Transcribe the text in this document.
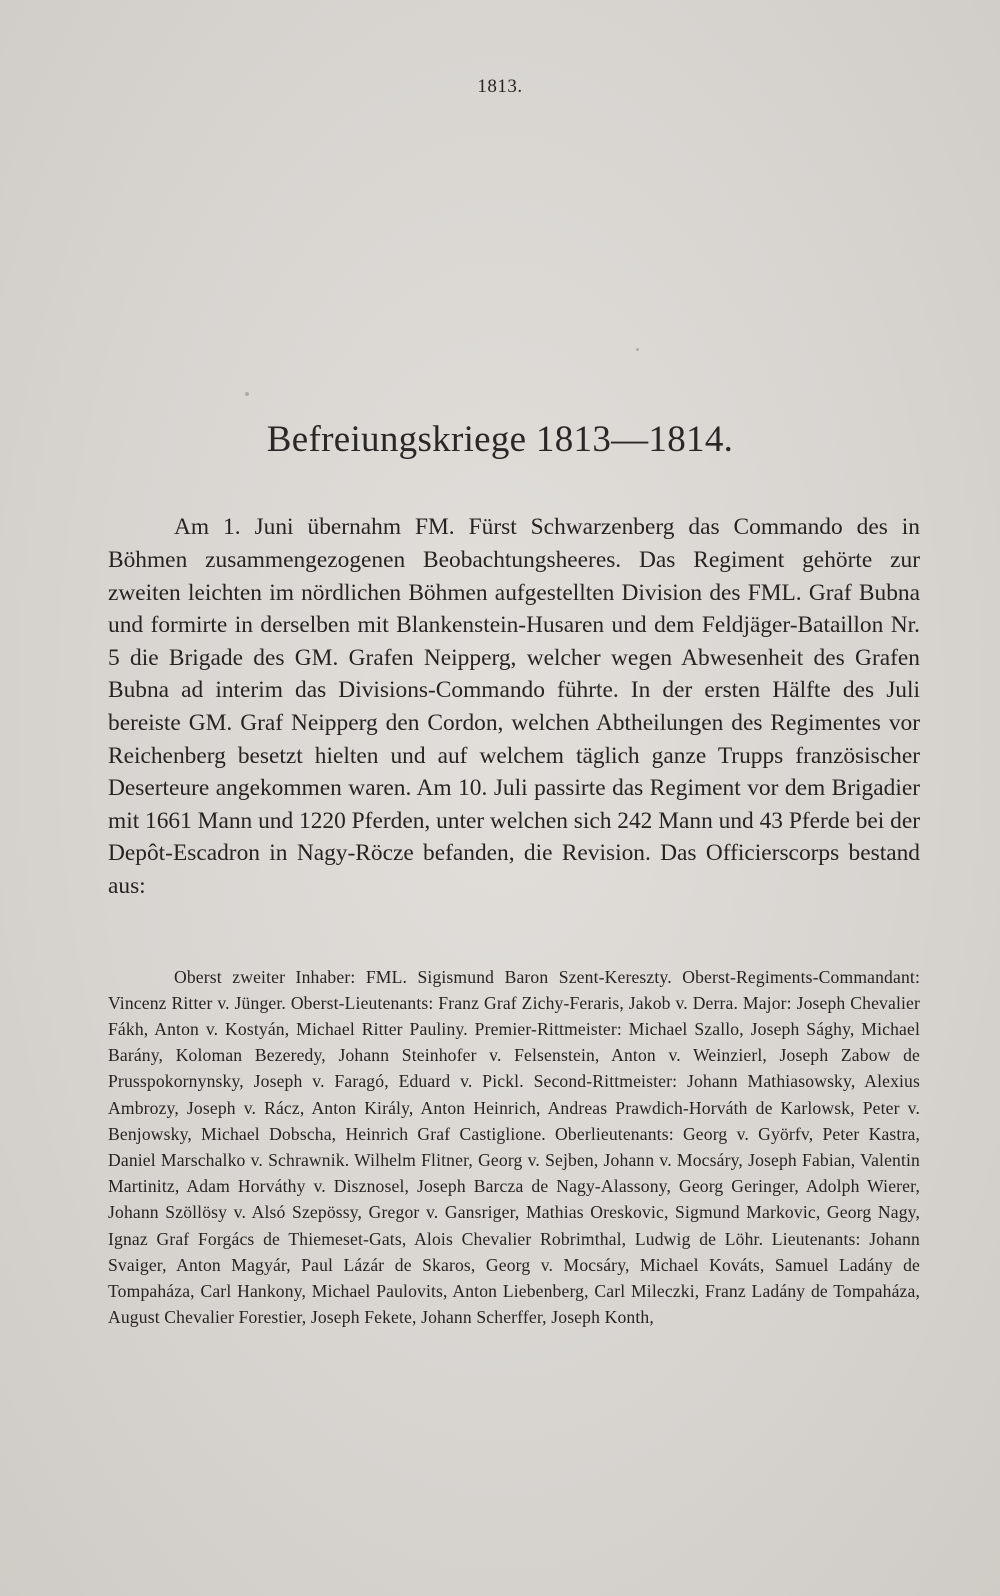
1813.
Befreiungskriege 1813—1814.

Am 1. Juni übernahm FM. Fürst Schwarzenberg das Commando des in Böhmen zusammengezogenen Beobachtungsheeres. Das Regiment gehörte zur zweiten leichten im nördlichen Böhmen aufgestellten Division des FML. Graf Bubna und formirte in derselben mit Blankenstein-Husaren und dem Feldjäger-Bataillon Nr. 5 die Brigade des GM. Grafen Neipperg, welcher wegen Abwesenheit des Grafen Bubna ad interim das Divisions-Commando führte. In der ersten Hälfte des Juli bereiste GM. Graf Neipperg den Cordon, welchen Abtheilungen des Regimentes vor Reichenberg besetzt hielten und auf welchem täglich ganze Trupps französischer Deserteure angekommen waren. Am 10. Juli passirte das Regiment vor dem Brigadier mit 1661 Mann und 1220 Pferden, unter welchen sich 242 Mann und 43 Pferde bei der Depôt-Escadron in Nagy-Röcze befanden, die Revision. Das Officierscorps bestand aus:

Oberst zweiter Inhaber: FML. Sigismund Baron Szent-Kereszty. Oberst-Regiments-Commandant: Vincenz Ritter v. Jünger. Oberst-Lieutenants: Franz Graf Zichy-Feraris, Jakob v. Derra. Major: Joseph Chevalier Fákh, Anton v. Kostyán, Michael Ritter Pauliny. Premier-Rittmeister: Michael Szallo, Joseph Sághy, Michael Barány, Koloman Bezeredy, Johann Steinhofer v. Felsenstein, Anton v. Weinzierl, Joseph Zabow de Prusspokornynsky, Joseph v. Faragó, Eduard v. Pickl. Second-Rittmeister: Johann Mathiasowsky, Alexius Ambrozy, Joseph v. Rácz, Anton Király, Anton Heinrich, Andreas Prawdich-Horváth de Karlowsk, Peter v. Benjowsky, Michael Dobscha, Heinrich Graf Castiglione. Oberlieutenants: Georg v. Györfv, Peter Kastra, Daniel Marschalko v. Schrawnik. Wilhelm Flitner, Georg v. Sejben, Johann v. Mocsáry, Joseph Fabian, Valentin Martinitz, Adam Horváthy v. Disznosel, Joseph Barcza de Nagy-Alassony, Georg Geringer, Adolph Wierer, Johann Szöllösy v. Alsó Szepössy, Gregor v. Gansriger, Mathias Oreskovic, Sigmund Markovic, Georg Nagy, Ignaz Graf Forgács de Thiemeset-Gats, Alois Chevalier Robrimthal, Ludwig de Löhr. Lieutenants: Johann Svaiger, Anton Magyár, Paul Lázár de Skaros, Georg v. Mocsáry, Michael Kováts, Samuel Ladány de Tompaháza, Carl Hankony, Michael Paulovits, Anton Liebenberg, Carl Mileczki, Franz Ladány de Tompaháza, August Chevalier Forestier, Joseph Fekete, Johann Scherffer, Joseph Konth,
